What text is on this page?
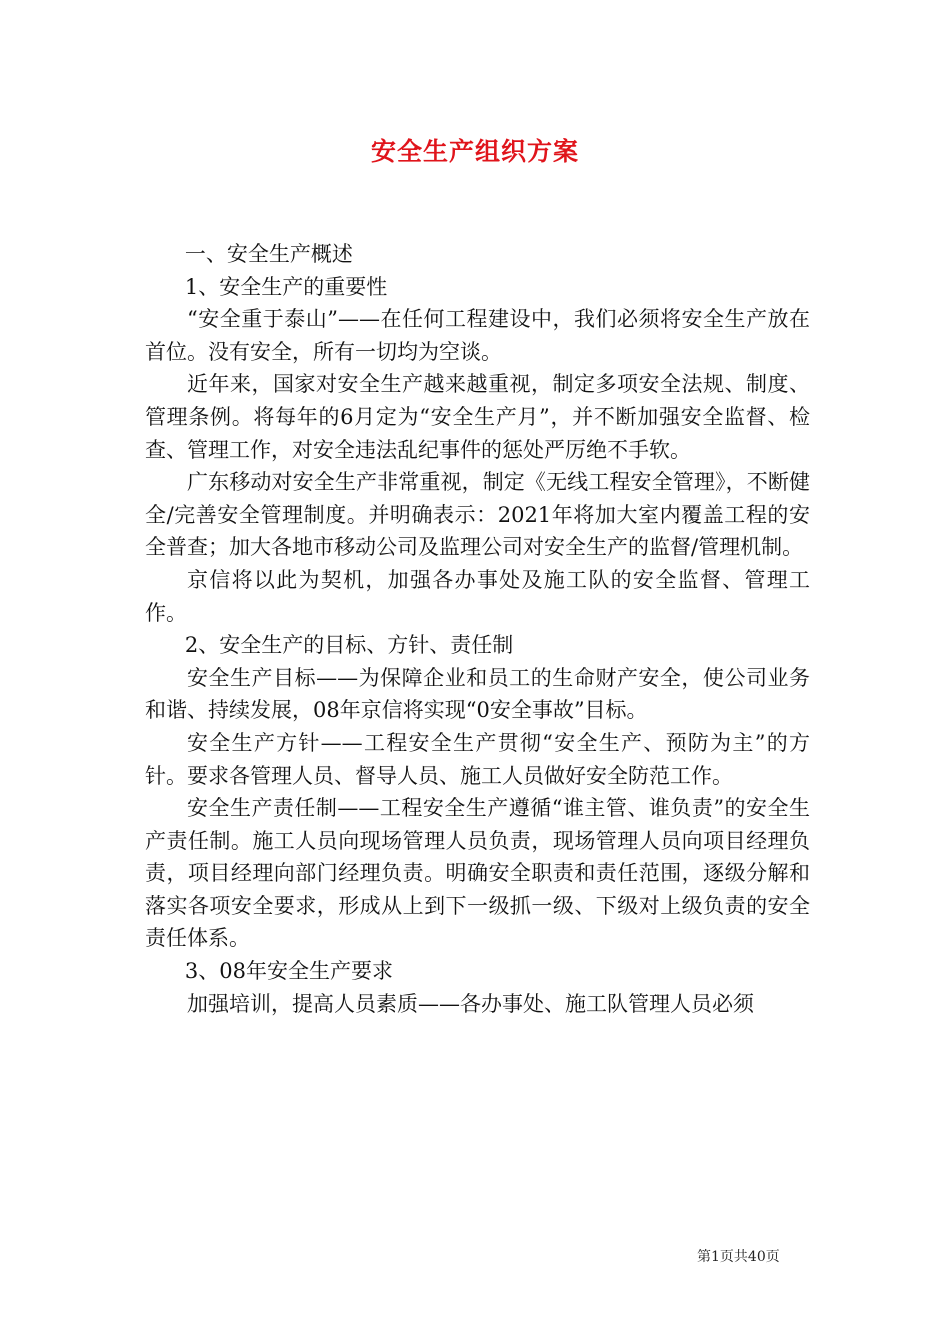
安全生产组织方案

一、安全生产概述

1、安全生产的重要性

“安全重于泰山”——在任何工程建设中，我们必须将安全生产放在首位。没有安全，所有一切均为空谈。

近年来，国家对安全生产越来越重视，制定多项安全法规、制度、管理条例。将每年的6月定为“安全生产月”，并不断加强安全监督、检查、管理工作，对安全违法乱纪事件的惩处严厉绝不手软。

广东移动对安全生产非常重视，制定《无线工程安全管理》，不断健全/完善安全管理制度。并明确表示：2021年将加大室内覆盖工程的安全普查；加大各地市移动公司及监理公司对安全生产的监督/管理机制。

京信将以此为契机，加强各办事处及施工队的安全监督、管理工作。

2、安全生产的目标、方针、责任制

安全生产目标——为保障企业和员工的生命财产安全，使公司业务和谐、持续发展，08年京信将实现“0安全事故”目标。

安全生产方针——工程安全生产贯彻“安全生产、预防为主”的方针。要求各管理人员、督导人员、施工人员做好安全防范工作。

安全生产责任制——工程安全生产遵循“谁主管、谁负责”的安全生产责任制。施工人员向现场管理人员负责，现场管理人员向项目经理负责，项目经理向部门经理负责。明确安全职责和责任范围，逐级分解和落实各项安全要求，形成从上到下一级抓一级、下级对上级负责的安全责任体系。

3、08年安全生产要求

加强培训，提高人员素质——各办事处、施工队管理人员必须

第1页共40页
